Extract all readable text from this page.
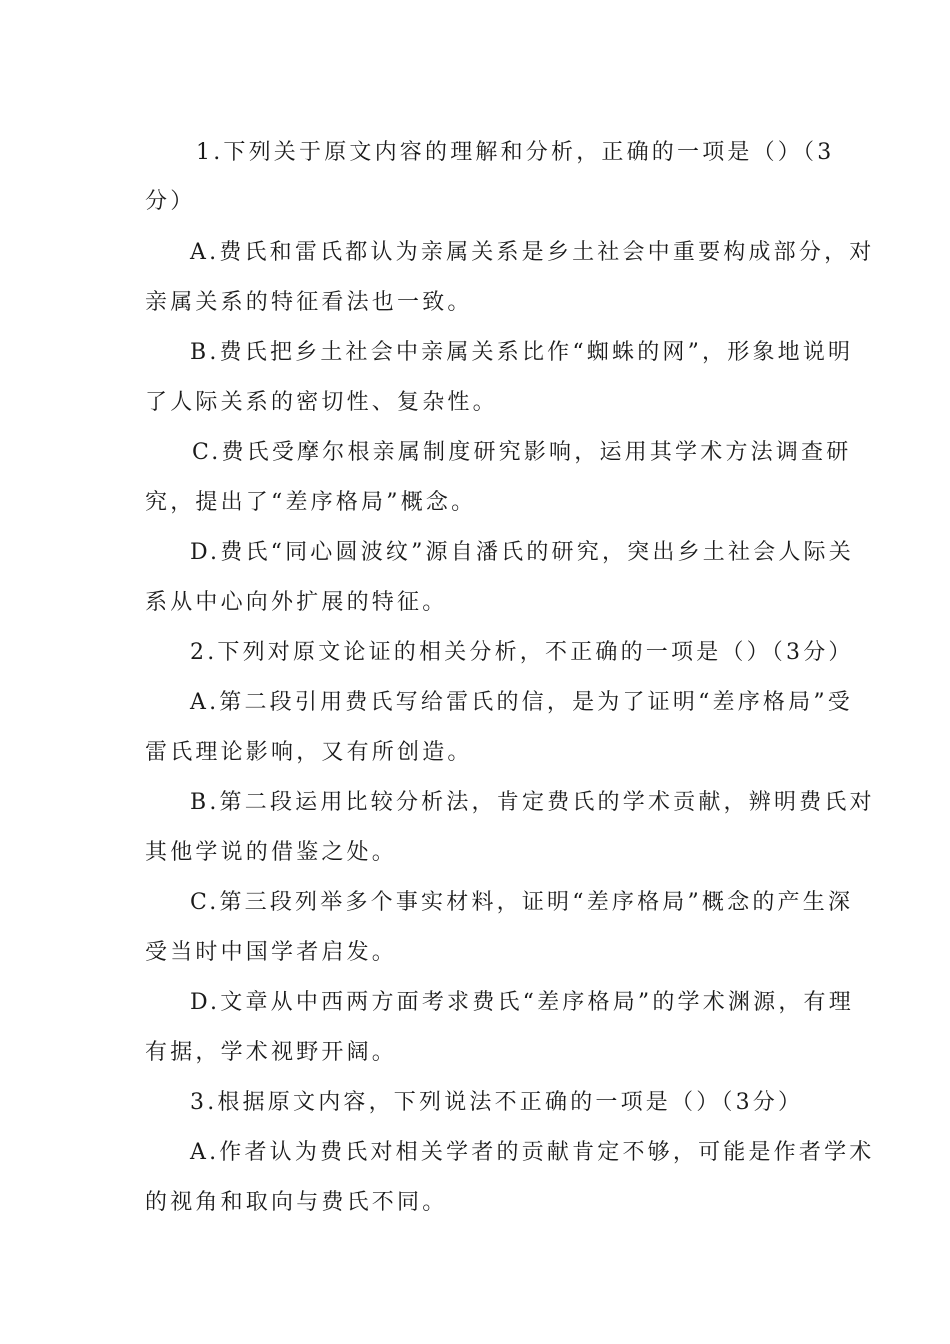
1.下列关于原文内容的理解和分析，正确的一项是（）（3
分）
A.费氏和雷氏都认为亲属关系是乡土社会中重要构成部分，对
亲属关系的特征看法也一致。
B.费氏把乡土社会中亲属关系比作“蜘蛛的网”，形象地说明
了人际关系的密切性、复杂性。
C.费氏受摩尔根亲属制度研究影响，运用其学术方法调查研
究，提出了“差序格局”概念。
D.费氏“同心圆波纹”源自潘氏的研究，突出乡土社会人际关
系从中心向外扩展的特征。
2.下列对原文论证的相关分析，不正确的一项是（）（3分）
A.第二段引用费氏写给雷氏的信，是为了证明“差序格局”受
雷氏理论影响，又有所创造。
B.第二段运用比较分析法，肯定费氏的学术贡献，辨明费氏对
其他学说的借鉴之处。
C.第三段列举多个事实材料，证明“差序格局”概念的产生深
受当时中国学者启发。
D.文章从中西两方面考求费氏“差序格局”的学术渊源，有理
有据，学术视野开阔。
3.根据原文内容，下列说法不正确的一项是（）（3分）
A.作者认为费氏对相关学者的贡献肯定不够，可能是作者学术
的视角和取向与费氏不同。
